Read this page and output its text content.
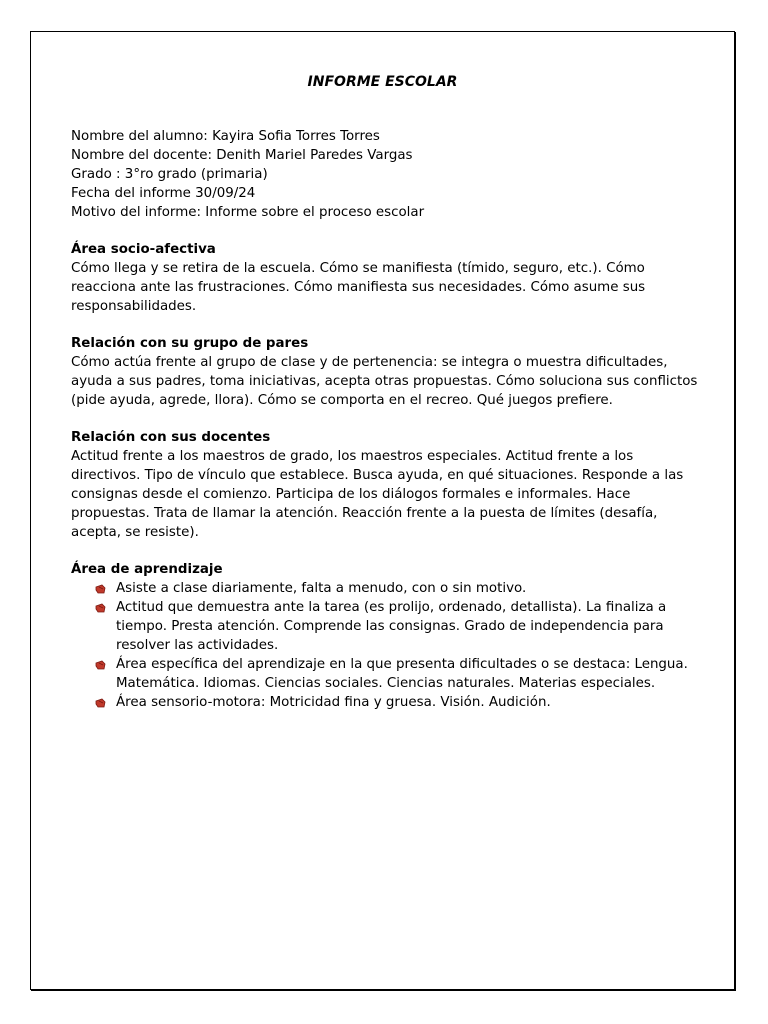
INFORME ESCOLAR
Nombre del alumno: Kayira Sofia Torres Torres
Nombre del docente: Denith Mariel Paredes Vargas
Grado : 3°ro grado (primaria)
Fecha del informe 30/09/24
Motivo del informe: Informe sobre el proceso escolar
Área socio-afectiva
Cómo llega y se retira de la escuela. Cómo se manifiesta (tímido, seguro, etc.). Cómo reacciona ante las frustraciones. Cómo manifiesta sus necesidades. Cómo asume sus responsabilidades.
Relación con su grupo de pares
Cómo actúa frente al grupo de clase y de pertenencia: se integra o muestra dificultades, ayuda a sus padres, toma iniciativas, acepta otras propuestas. Cómo soluciona sus conflictos (pide ayuda, agrede, llora). Cómo se comporta en el recreo. Qué juegos prefiere.
Relación con sus docentes
Actitud frente a los maestros de grado, los maestros especiales. Actitud frente a los directivos. Tipo de vínculo que establece. Busca ayuda, en qué situaciones. Responde a las consignas desde el comienzo. Participa de los diálogos formales e informales. Hace propuestas. Trata de llamar la atención. Reacción frente a la puesta de límites (desafía, acepta, se resiste).
Área de aprendizaje
Asiste a clase diariamente, falta a menudo, con o sin motivo.
Actitud que demuestra ante la tarea (es prolijo, ordenado, detallista). La finaliza a tiempo. Presta atención. Comprende las consignas. Grado de independencia para resolver las actividades.
Área específica del aprendizaje en la que presenta dificultades o se destaca: Lengua. Matemática. Idiomas. Ciencias sociales. Ciencias naturales. Materias especiales.
Área sensorio-motora: Motricidad fina y gruesa. Visión. Audición.
